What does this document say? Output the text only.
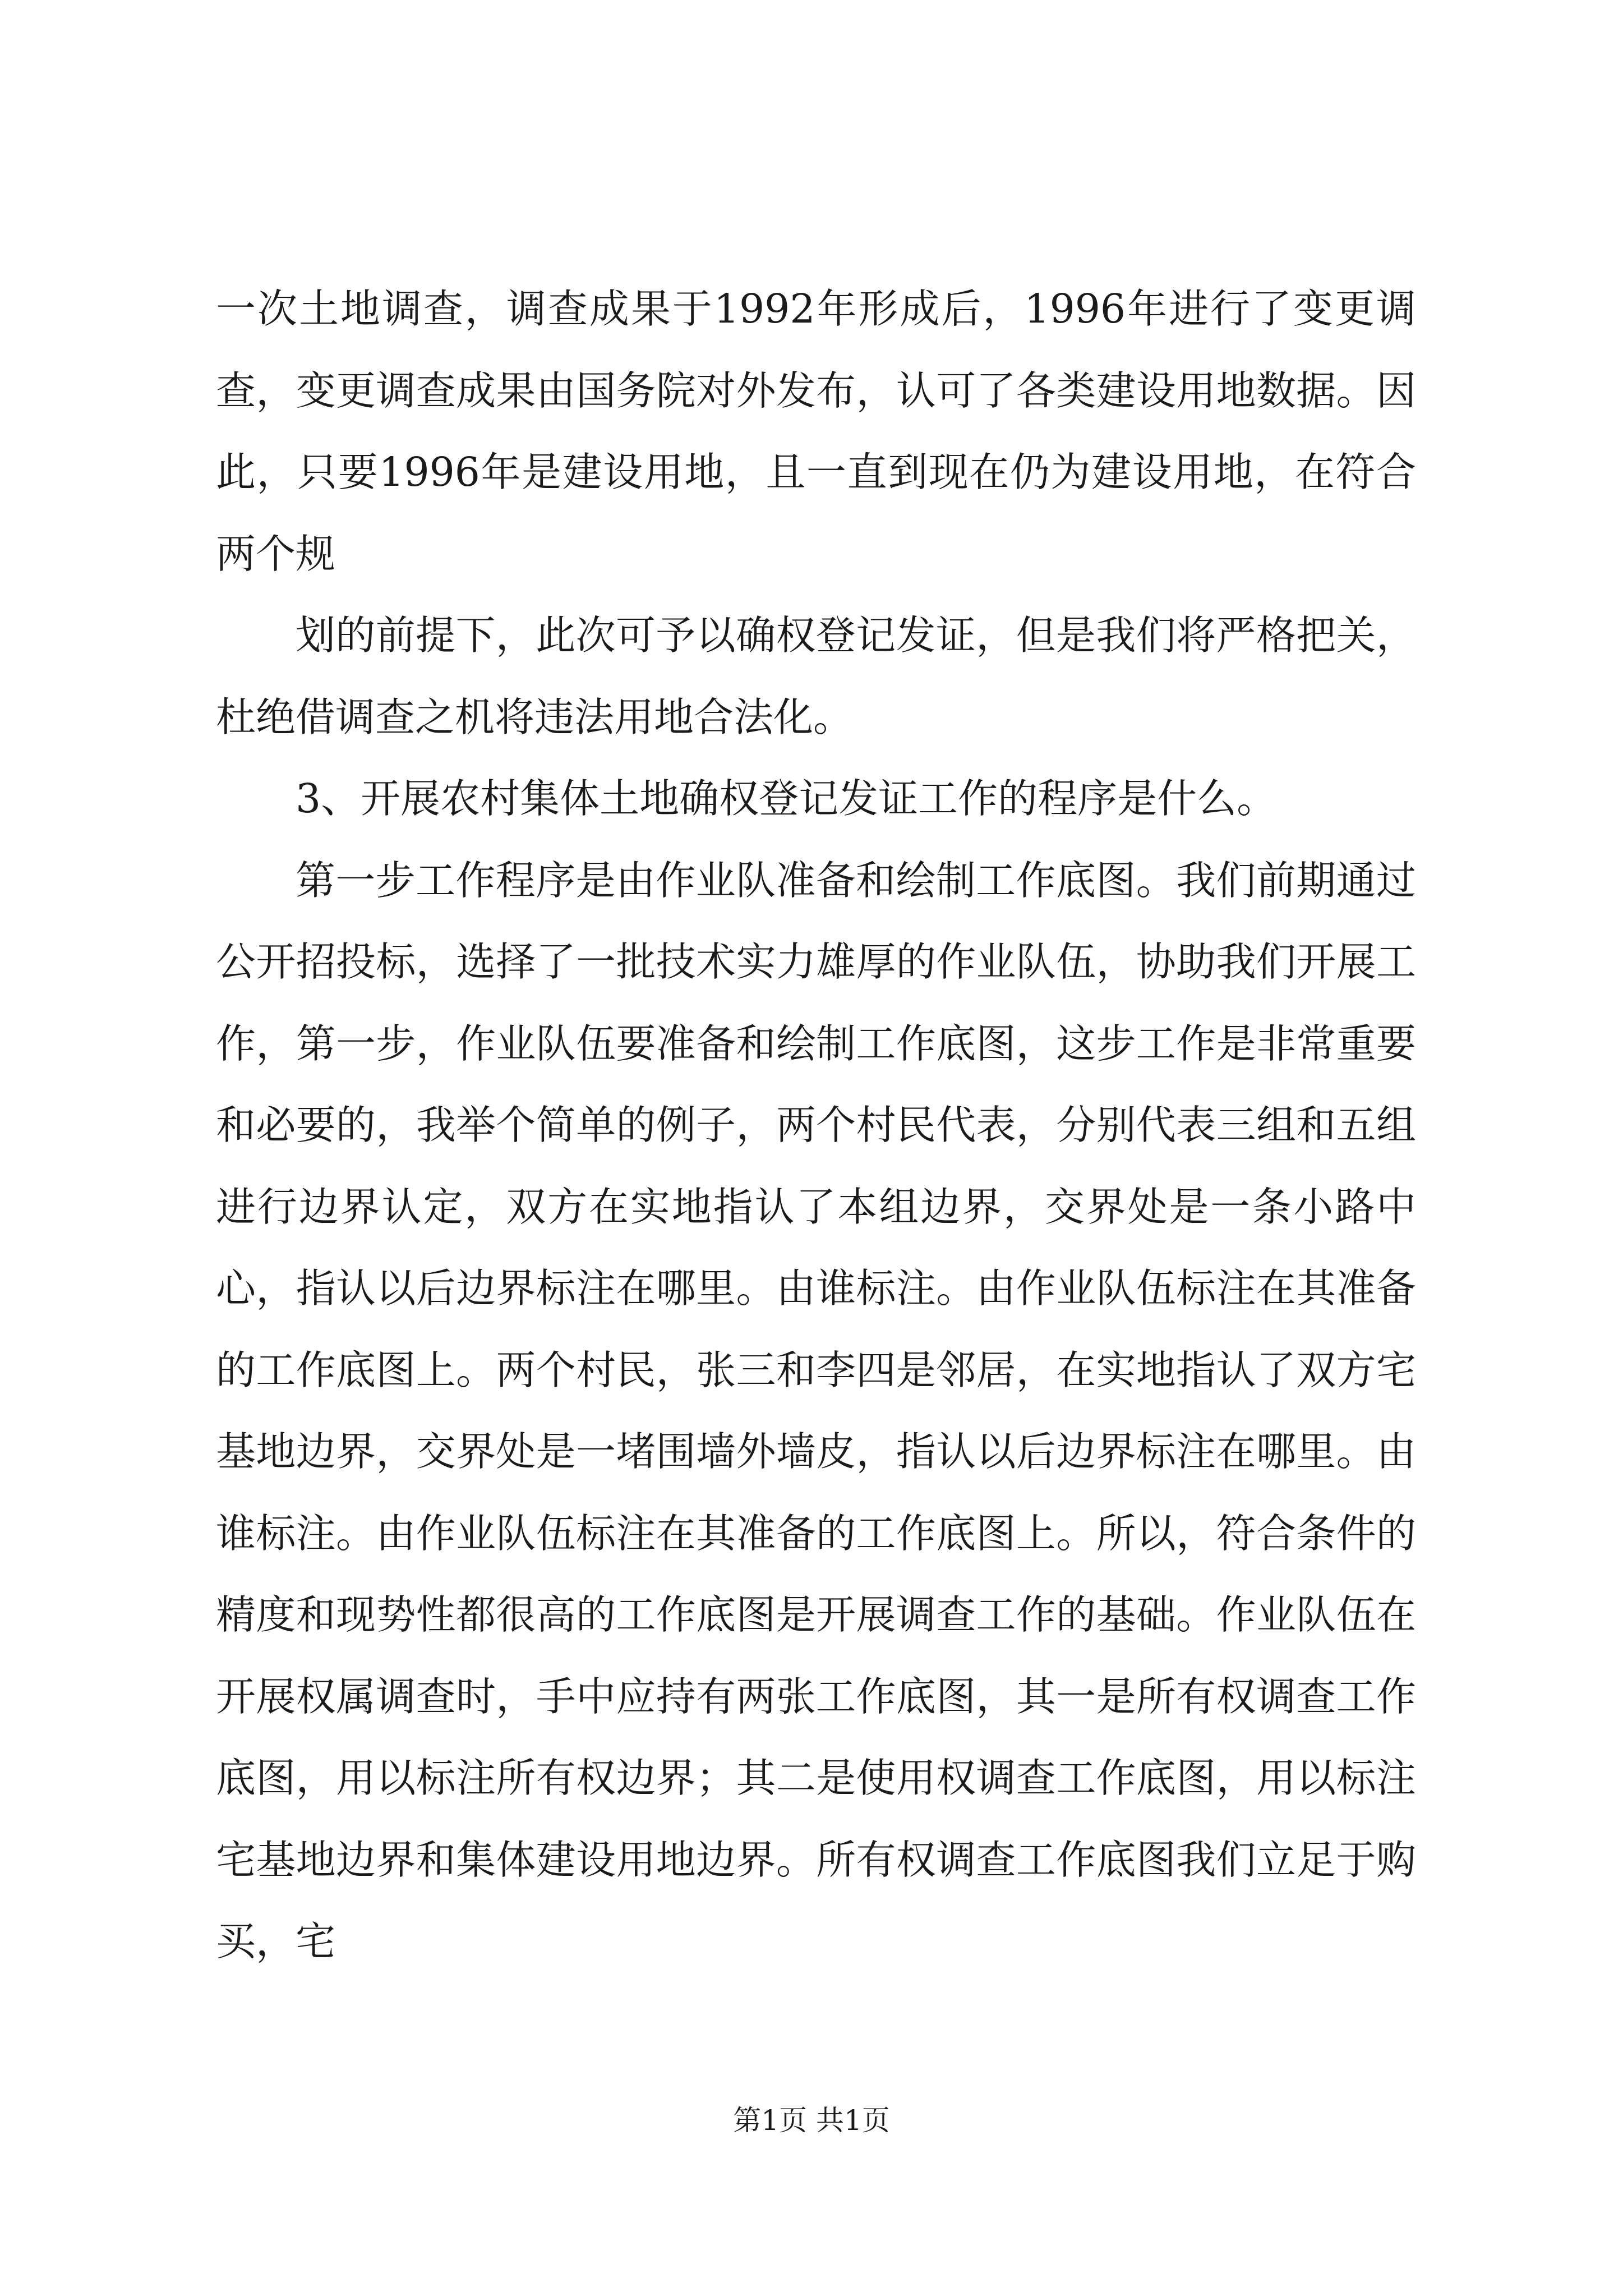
一次土地调查，调查成果于1992年形成后，1996年进行了变更调查，变更调查成果由国务院对外发布，认可了各类建设用地数据。因此，只要1996年是建设用地，且一直到现在仍为建设用地，在符合两个规

划的前提下，此次可予以确权登记发证，但是我们将严格把关，杜绝借调查之机将违法用地合法化。

3、开展农村集体土地确权登记发证工作的程序是什么。

第一步工作程序是由作业队准备和绘制工作底图。我们前期通过公开招投标，选择了一批技术实力雄厚的作业队伍，协助我们开展工作，第一步，作业队伍要准备和绘制工作底图，这步工作是非常重要和必要的，我举个简单的例子，两个村民代表，分别代表三组和五组进行边界认定，双方在实地指认了本组边界，交界处是一条小路中心，指认以后边界标注在哪里。由谁标注。由作业队伍标注在其准备的工作底图上。两个村民，张三和李四是邻居，在实地指认了双方宅基地边界，交界处是一堵围墙外墙皮，指认以后边界标注在哪里。由谁标注。由作业队伍标注在其准备的工作底图上。所以，符合条件的精度和现势性都很高的工作底图是开展调查工作的基础。作业队伍在开展权属调查时，手中应持有两张工作底图，其一是所有权调查工作底图，用以标注所有权边界；其二是使用权调查工作底图，用以标注宅基地边界和集体建设用地边界。所有权调查工作底图我们立足于购买，宅

第1页 共1页
